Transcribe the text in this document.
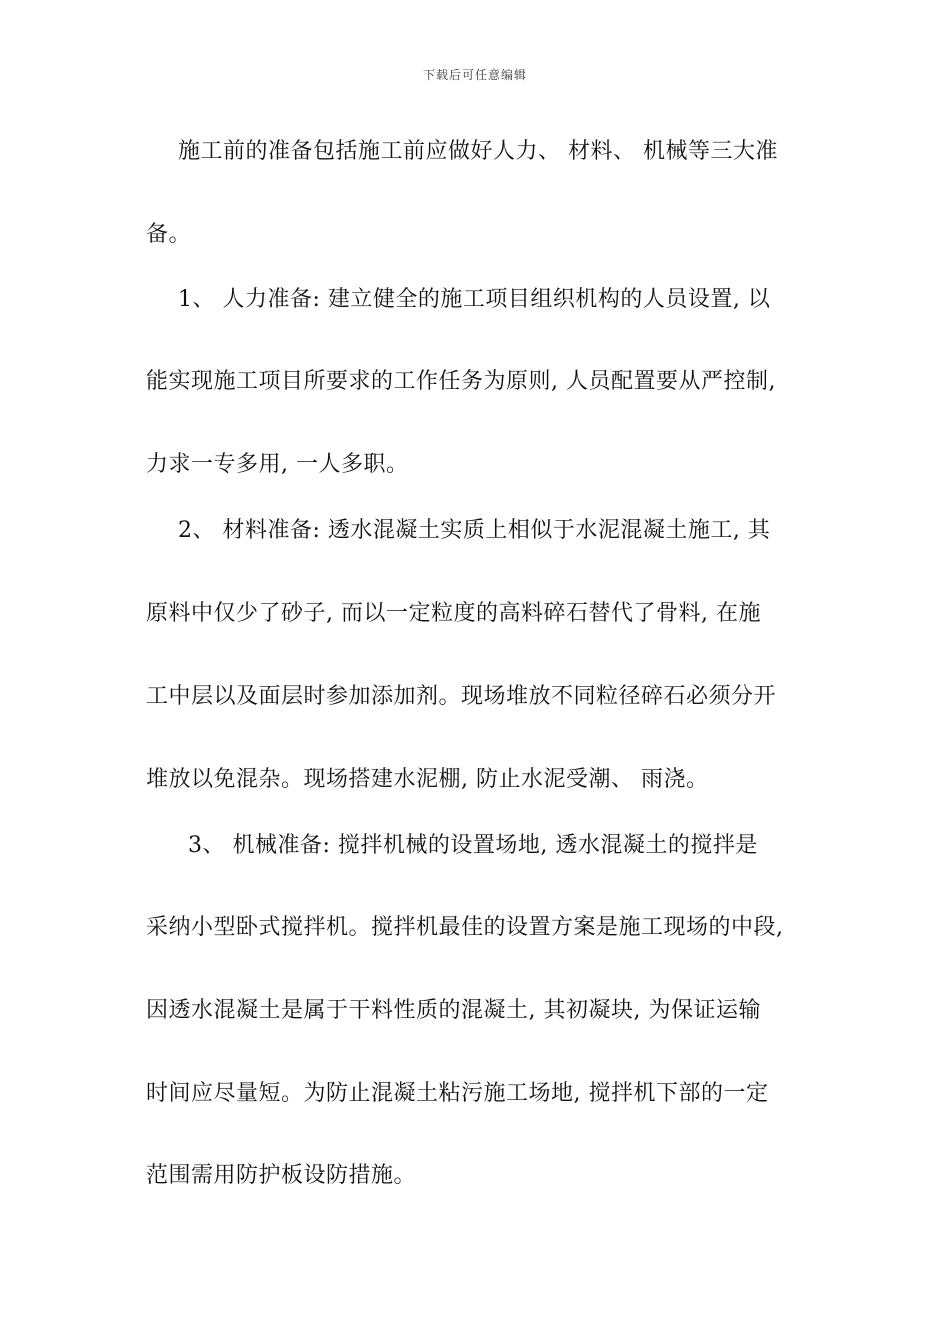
下载后可任意编辑
施工前的准备包括施工前应做好人力、 材料、 机械等三大准
备。
1、 人力准备: 建立健全的施工项目组织机构的人员设置, 以
能实现施工项目所要求的工作任务为原则, 人员配置要从严控制,
力求一专多用, 一人多职。
2、 材料准备: 透水混凝土实质上相似于水泥混凝土施工, 其
原料中仅少了砂子, 而以一定粒度的高料碎石替代了骨料, 在施
工中层以及面层时参加添加剂。现场堆放不同粒径碎石必须分开
堆放以免混杂。现场搭建水泥棚, 防止水泥受潮、 雨浇。
3、 机械准备: 搅拌机械的设置场地, 透水混凝土的搅拌是
采纳小型卧式搅拌机。搅拌机最佳的设置方案是施工现场的中段,
因透水混凝土是属于干料性质的混凝土, 其初凝块, 为保证运输
时间应尽量短。为防止混凝土粘污施工场地, 搅拌机下部的一定
范围需用防护板设防措施。
